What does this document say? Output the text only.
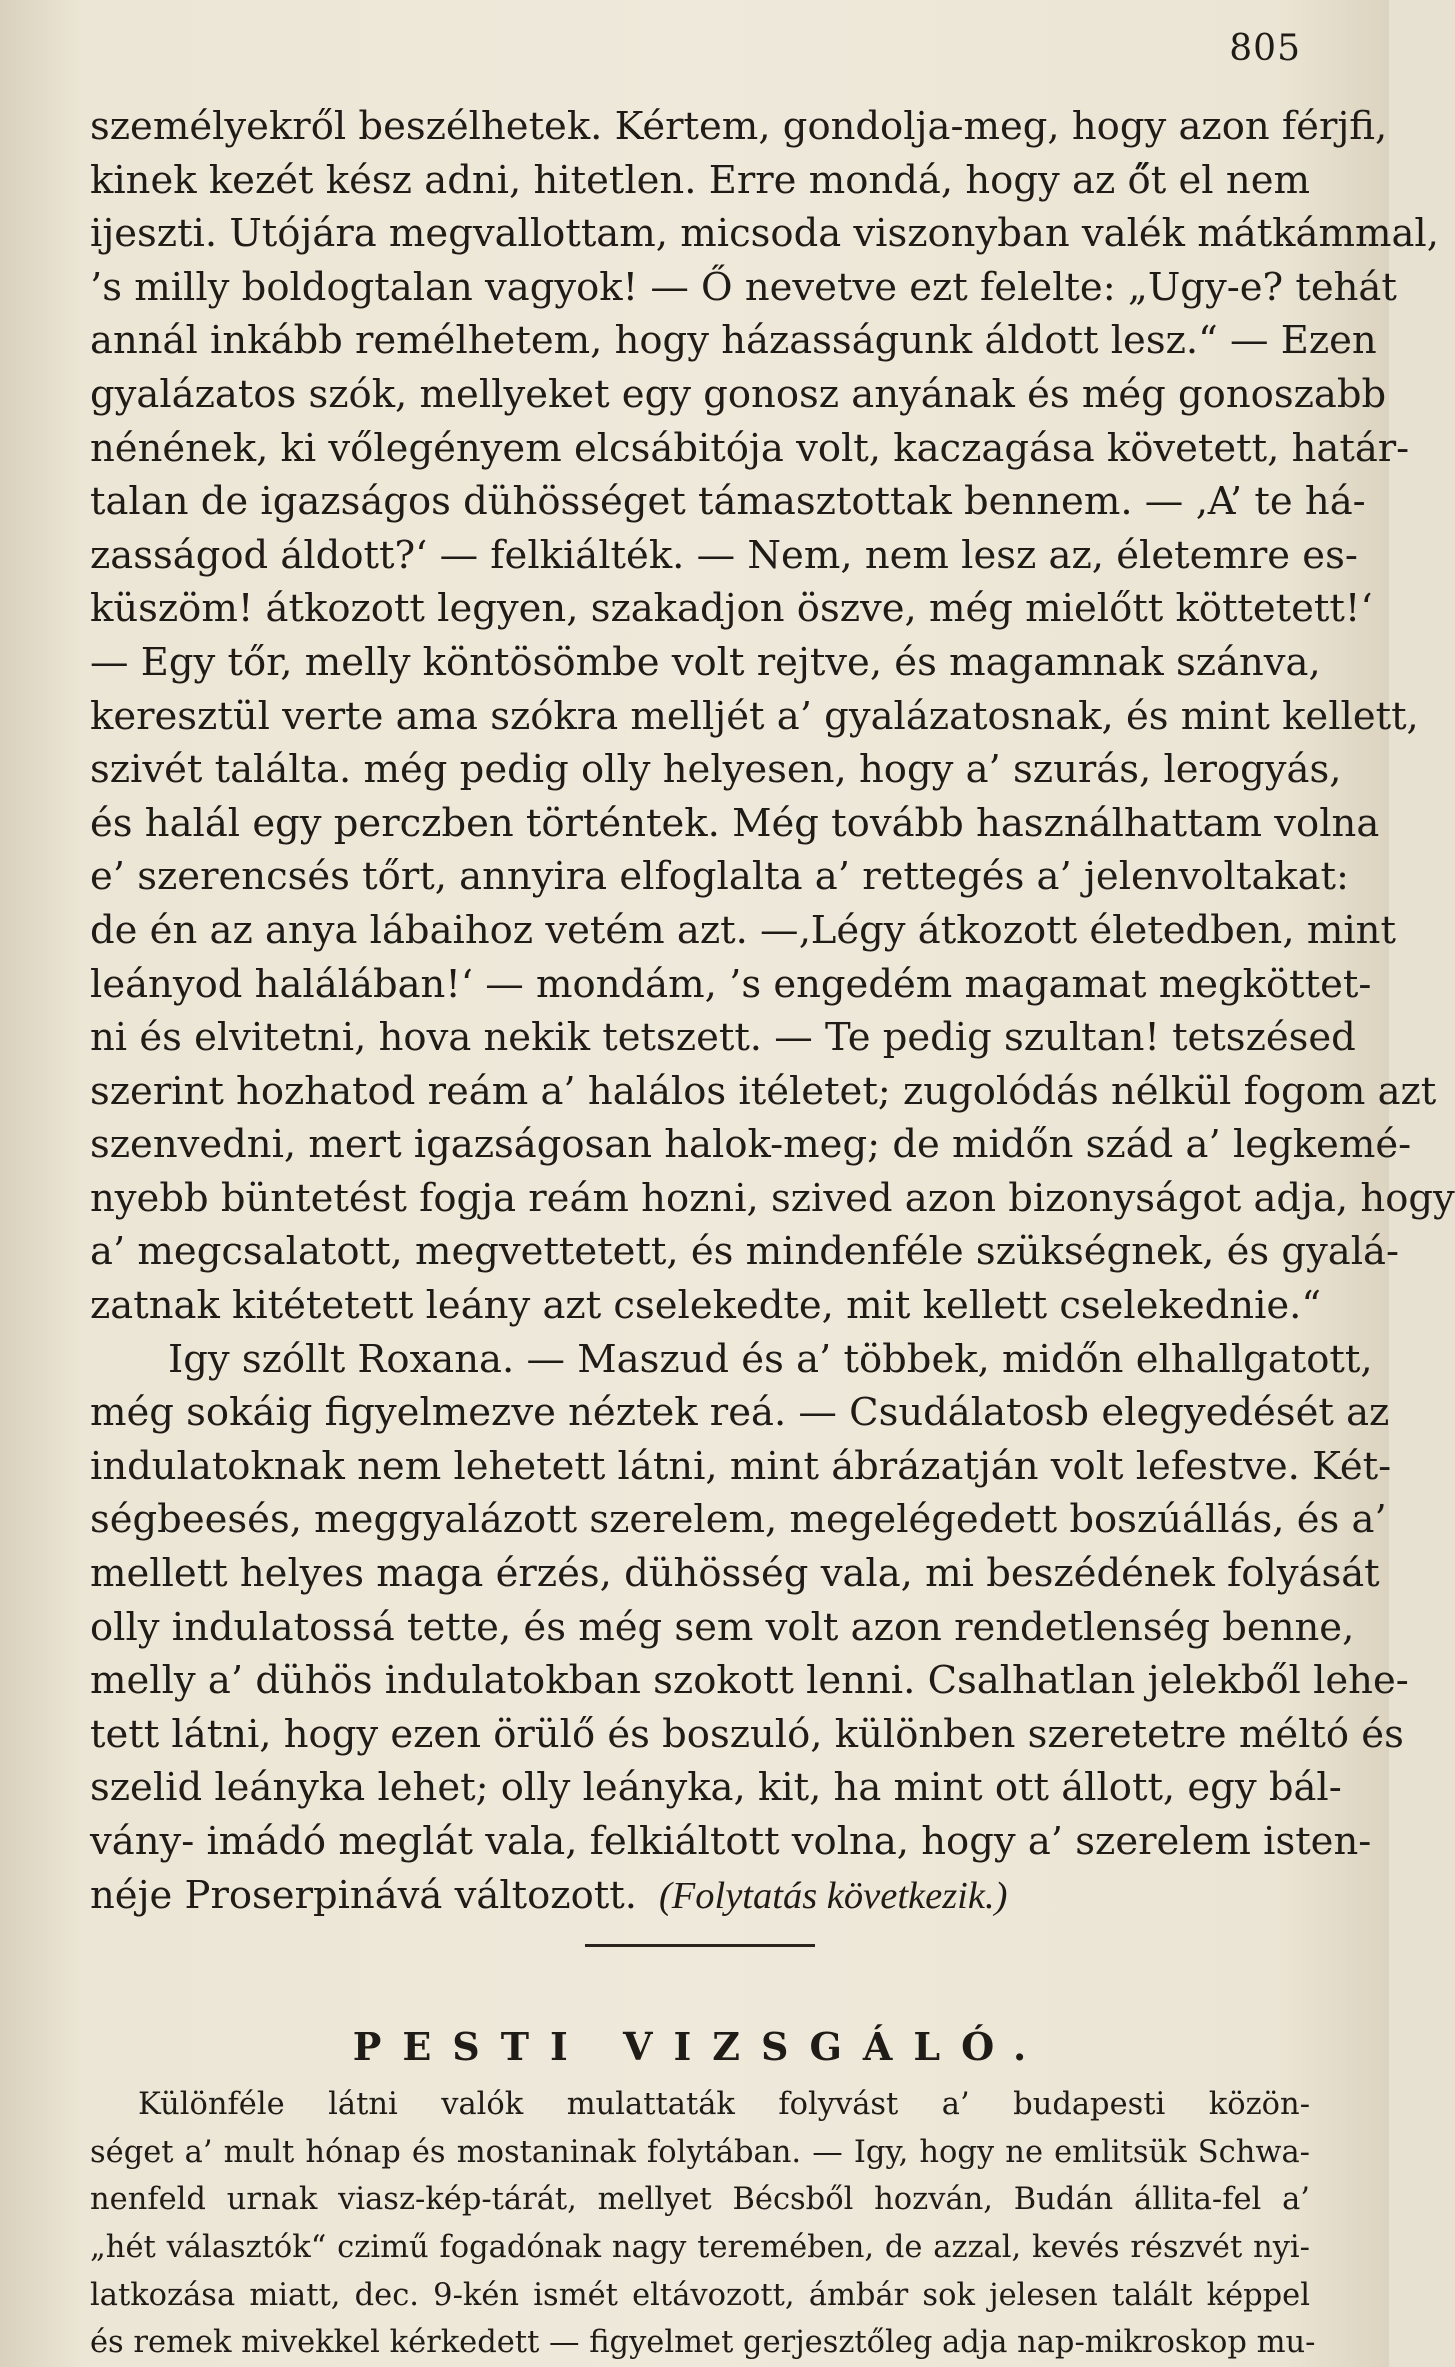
805
személyekről beszélhetek. Kértem, gondolja-meg, hogy azon férjfi,
kinek kezét kész adni, hitetlen. Erre mondá, hogy az ő̋t el nem
ijeszti. Utójára megvallottam, micsoda viszonyban valék mátkámmal,
’s milly boldogtalan vagyok! — Ő nevetve ezt felelte: „Ugy-e? tehát
annál inkább remélhetem, hogy házasságunk áldott lesz.“ — Ezen
gyalázatos szók, mellyeket egy gonosz anyának és még gonoszabb
nénének, ki vőlegényem elcsábitója volt, kaczagása követett, határ-
talan de igazságos dühösséget támasztottak bennem. — ‚A’ te há-
zasságod áldott?‘ — felkiálték. — Nem, nem lesz az, életemre es-
küszöm! átkozott legyen, szakadjon öszve, még mielőtt köttetett!‘
— Egy tőr, melly köntösömbe volt rejtve, és magamnak szánva,
keresztül verte ama szókra melljét a’ gyalázatosnak, és mint kellett,
szivét találta. még pedig olly helyesen, hogy a’ szurás, lerogyás,
és halál egy perczben történtek. Még tovább használhattam volna
e’ szerencsés tőrt, annyira elfoglalta a’ rettegés a’ jelenvoltakat:
de én az anya lábaihoz vetém azt. —‚Légy átkozott életedben, mint
leányod halálában!‘ — mondám, ’s engedém magamat megköttet-
ni és elvitetni, hova nekik tetszett. — Te pedig szultan! tetszésed
szerint hozhatod reám a’ halálos itéletet; zugolódás nélkül fogom azt
szenvedni, mert igazságosan halok-meg; de midőn szád a’ legkemé-
nyebb büntetést fogja reám hozni, szived azon bizonyságot adja, hogy
a’ megcsalatott, megvettetett, és mindenféle szükségnek, és gyalá-
zatnak kitétetett leány azt cselekedte, mit kellett cselekednie.“
Igy szóllt Roxana. — Maszud és a’ többek, midőn elhallgatott,
még sokáig figyelmezve néztek reá. — Csudálatosb elegyedését az
indulatoknak nem lehetett látni, mint ábrázatján volt lefestve. Két-
ségbeesés, meggyalázott szerelem, megelégedett boszúállás, és a’
mellett helyes maga érzés, dühösség vala, mi beszédének folyását
olly indulatossá tette, és még sem volt azon rendetlenség benne,
melly a’ dühös indulatokban szokott lenni. Csalhatlan jelekből lehe-
tett látni, hogy ezen örülő és boszuló, különben szeretetre méltó és
szelid leányka lehet; olly leányka, kit, ha mint ott állott, egy bál-
vány- imádó meglát vala, felkiáltott volna, hogy a’ szerelem isten-
néje Proserpinává változott. (Folytatás következik.)
PESTI VIZSGÁLÓ.
Különféle látni valók mulattaták folyvást a’ budapesti közön-
séget a’ mult hónap és mostaninak folytában. — Igy, hogy ne emlitsük Schwa-
nenfeld urnak viasz-kép-tárát, mellyet Bécsből hozván, Budán állita-fel a’
„hét választók“ czimű fogadónak nagy teremében, de azzal, kevés részvét nyi-
latkozása miatt, dec. 9-kén ismét eltávozott, ámbár sok jelesen talált képpel
és remek mivekkel kérkedett — figyelmet gerjesztőleg adja nap-mikroskop mu-
